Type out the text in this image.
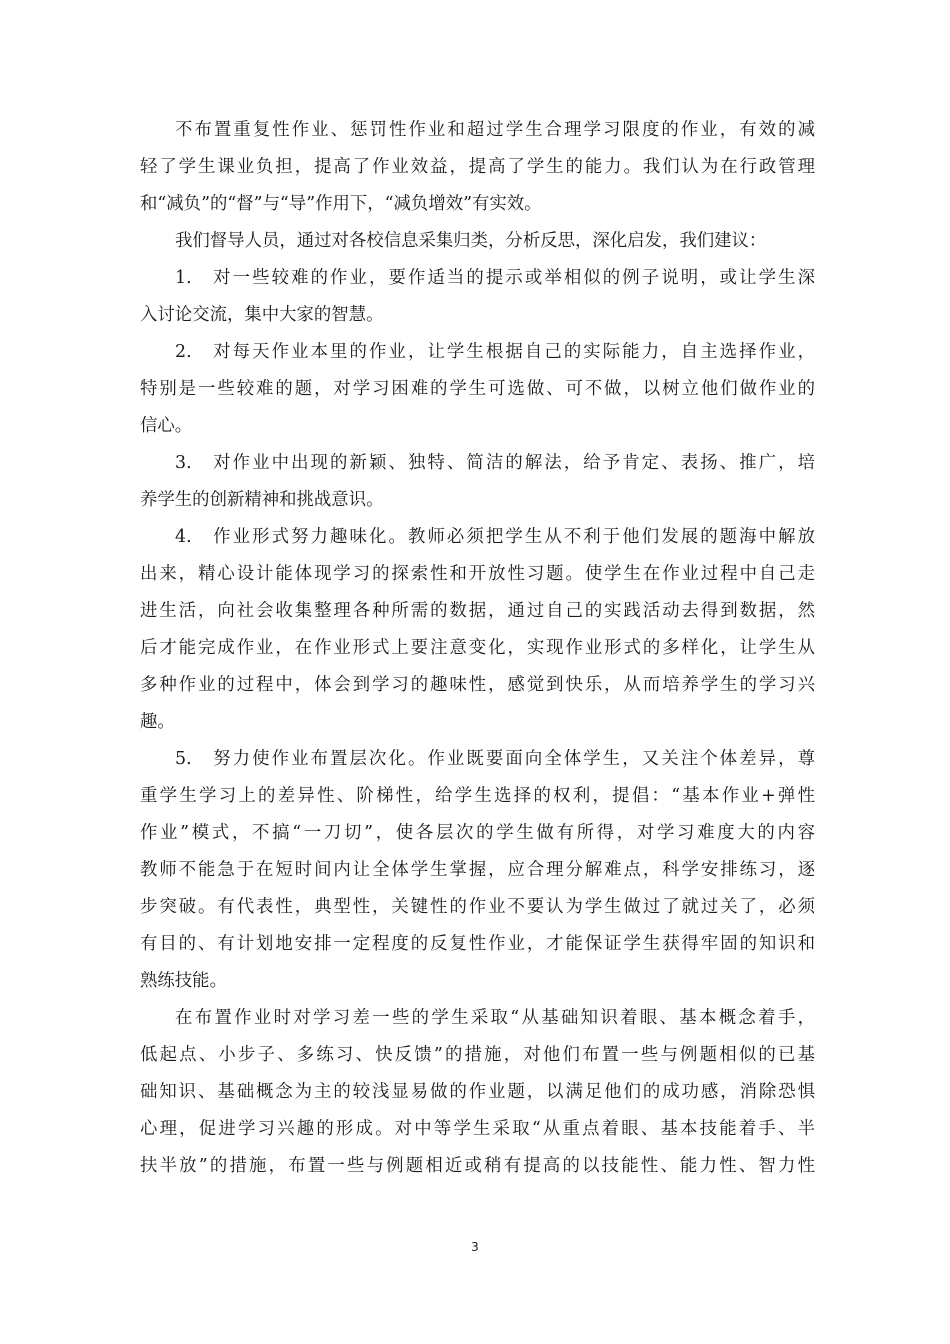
不布置重复性作业、惩罚性作业和超过学生合理学习限度的作业，有效的减
轻了学生课业负担，提高了作业效益，提高了学生的能力。我们认为在行政管理
和“减负”的“督”与“导”作用下，“减负增效”有实效。
我们督导人员，通过对各校信息采集归类，分析反思，深化启发，我们建议：
1.　对一些较难的作业，要作适当的提示或举相似的例子说明，或让学生深
入讨论交流，集中大家的智慧。
2.　对每天作业本里的作业，让学生根据自己的实际能力，自主选择作业，
特别是一些较难的题，对学习困难的学生可选做、可不做，以树立他们做作业的
信心。
3.　对作业中出现的新颖、独特、简洁的解法，给予肯定、表扬、推广，培
养学生的创新精神和挑战意识。
4.　作业形式努力趣味化。教师必须把学生从不利于他们发展的题海中解放
出来，精心设计能体现学习的探索性和开放性习题。使学生在作业过程中自己走
进生活，向社会收集整理各种所需的数据，通过自己的实践活动去得到数据，然
后才能完成作业，在作业形式上要注意变化，实现作业形式的多样化，让学生从
多种作业的过程中，体会到学习的趣味性，感觉到快乐，从而培养学生的学习兴
趣。
5.　努力使作业布置层次化。作业既要面向全体学生，又关注个体差异，尊
重学生学习上的差异性、阶梯性，给学生选择的权利，提倡：“基本作业+弹性
作业”模式，不搞“一刀切”，使各层次的学生做有所得，对学习难度大的内容
教师不能急于在短时间内让全体学生掌握，应合理分解难点，科学安排练习，逐
步突破。有代表性，典型性，关键性的作业不要认为学生做过了就过关了，必须
有目的、有计划地安排一定程度的反复性作业，才能保证学生获得牢固的知识和
熟练技能。
在布置作业时对学习差一些的学生采取“从基础知识着眼、基本概念着手，
低起点、小步子、多练习、快反馈”的措施，对他们布置一些与例题相似的已基
础知识、基础概念为主的较浅显易做的作业题，以满足他们的成功感，消除恐惧
心理，促进学习兴趣的形成。对中等学生采取“从重点着眼、基本技能着手、半
扶半放”的措施，布置一些与例题相近或稍有提高的以技能性、能力性、智力性
3
